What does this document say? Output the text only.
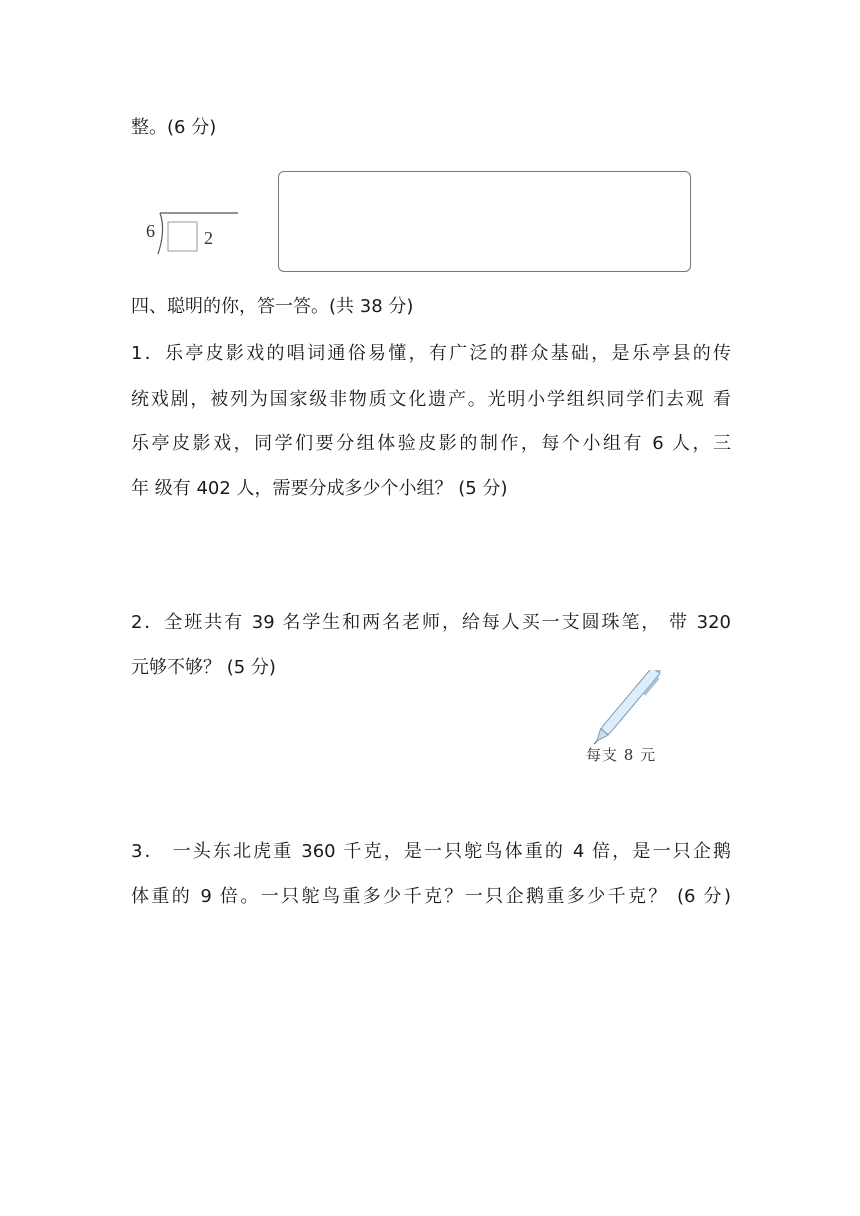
整。(6 分)
6	2
四、聪明的你，答一答。(共 38 分)
1．乐亭皮影戏的唱词通俗易懂，有广泛的群众基础，是乐亭县的传
统戏剧，被列为国家级非物质文化遗产。光明小学组织同学们去观 看
乐亭皮影戏，同学们要分组体验皮影的制作，每个小组有 6 人，三
年 级有 402 人，需要分成多少个小组？ (5 分)
2．全班共有 39 名学生和两名老师，给每人买一支圆珠笔， 带 320
元够不够？ (5 分)
每支 8 元
3． 一头东北虎重 360 千克，是一只鸵鸟体重的 4 倍，是一只企鹅
体重的 9 倍。一只鸵鸟重多少千克？一只企鹅重多少千克？ (6 分)
